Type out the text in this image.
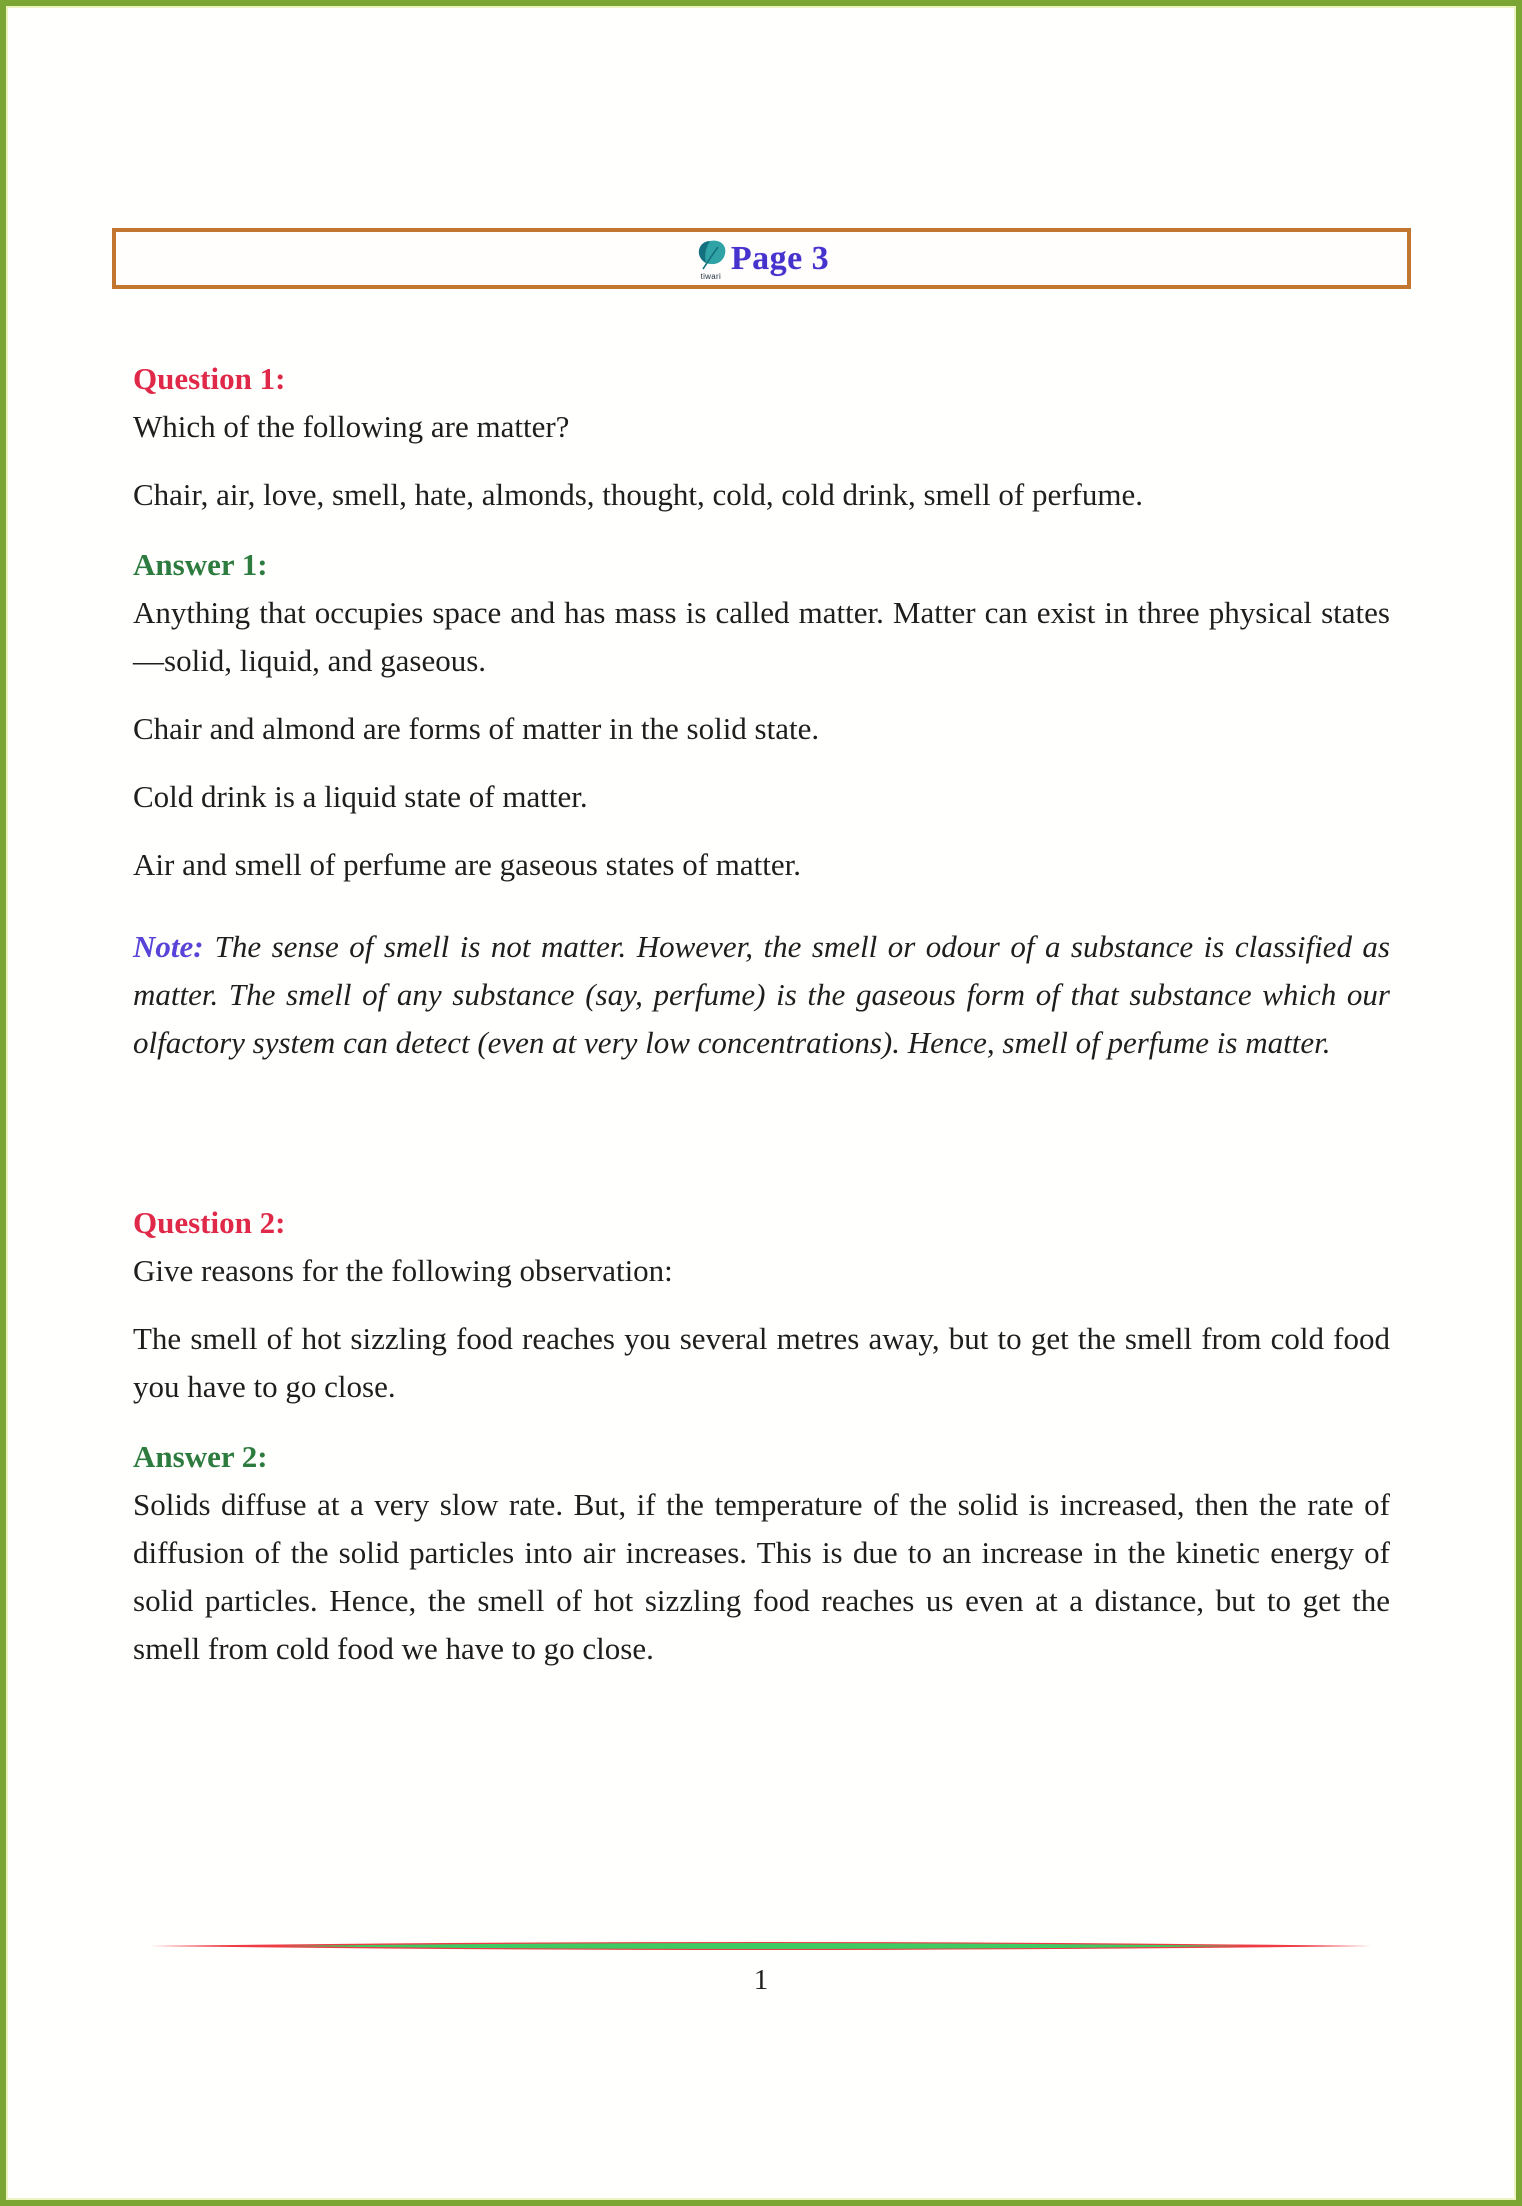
tiwari Page 3

Question 1:

Which of the following are matter?

Chair, air, love, smell, hate, almonds, thought, cold, cold drink, smell of perfume.

Answer 1:

Anything that occupies space and has mass is called matter. Matter can exist in three physical states—solid, liquid, and gaseous.

Chair and almond are forms of matter in the solid state.

Cold drink is a liquid state of matter.

Air and smell of perfume are gaseous states of matter.

Note: The sense of smell is not matter. However, the smell or odour of a substance is classified as matter. The smell of any substance (say, perfume) is the gaseous form of that substance which our olfactory system can detect (even at very low concentrations). Hence, smell of perfume is matter.

Question 2:

Give reasons for the following observation:

The smell of hot sizzling food reaches you several metres away, but to get the smell from cold food you have to go close.

Answer 2:

Solids diffuse at a very slow rate. But, if the temperature of the solid is increased, then the rate of diffusion of the solid particles into air increases. This is due to an increase in the kinetic energy of solid particles. Hence, the smell of hot sizzling food reaches us even at a distance, but to get the smell from cold food we have to go close.

1
